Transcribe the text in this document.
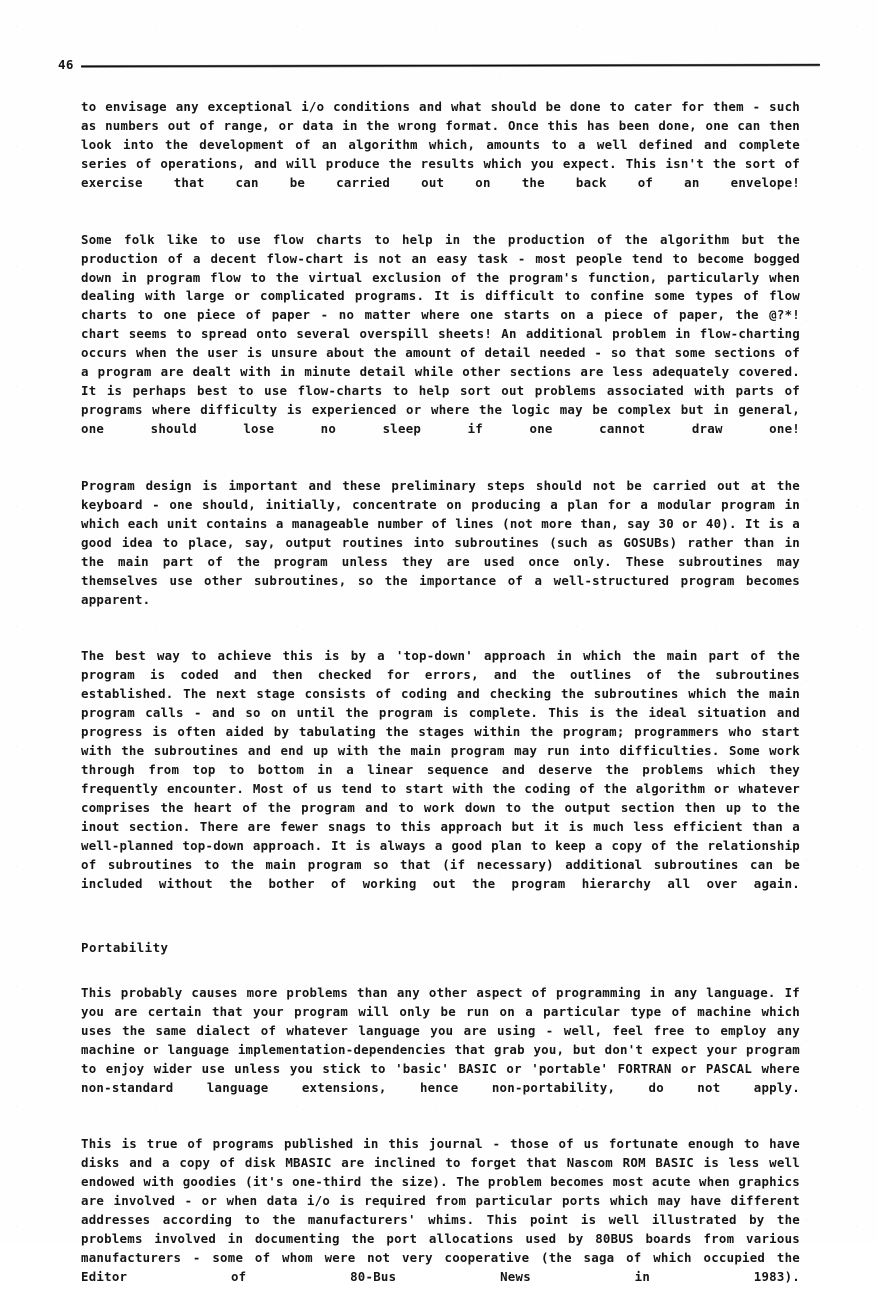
46

to envisage any exceptional i/o conditions and what should be done to cater for them - such as numbers out of range, or data in the wrong format. Once this has been done, one can then look into the development of an algorithm which, amounts to a well defined and complete series of operations, and will produce the results which you expect. This isn't the sort of exercise that can be carried out on the back of an envelope!

Some folk like to use flow charts to help in the production of the algorithm but the production of a decent flow-chart is not an easy task - most people tend to become bogged down in program flow to the virtual exclusion of the program's function, particularly when dealing with large or complicated programs. It is difficult to confine some types of flow charts to one piece of paper - no matter where one starts on a piece of paper, the @?*! chart seems to spread onto several overspill sheets! An additional problem in flow-charting occurs when the user is unsure about the amount of detail needed - so that some sections of a program are dealt with in minute detail while other sections are less adequately covered. It is perhaps best to use flow-charts to help sort out problems associated with parts of programs where difficulty is experienced or where the logic may be complex but in general, one should lose no sleep if one cannot draw one!

Program design is important and these preliminary steps should not be carried out at the keyboard - one should, initially, concentrate on producing a plan for a modular program in which each unit contains a manageable number of lines (not more than, say 30 or 40). It is a good idea to place, say, output routines into subroutines (such as GOSUBs) rather than in the main part of the program unless they are used once only. These subroutines may themselves use other subroutines, so the importance of a well-structured program becomes apparent.

The best way to achieve this is by a 'top-down' approach in which the main part of the program is coded and then checked for errors, and the outlines of the subroutines established. The next stage consists of coding and checking the subroutines which the main program calls - and so on until the program is complete. This is the ideal situation and progress is often aided by tabulating the stages within the program; programmers who start with the subroutines and end up with the main program may run into difficulties. Some work through from top to bottom in a linear sequence and deserve the problems which they frequently encounter. Most of us tend to start with the coding of the algorithm or whatever comprises the heart of the program and to work down to the output section then up to the inout section. There are fewer snags to this approach but it is much less efficient than a well-planned top-down approach. It is always a good plan to keep a copy of the relationship of subroutines to the main program so that (if necessary) additional subroutines can be included without the bother of working out the program hierarchy all over again.

Portability

This probably causes more problems than any other aspect of programming in any language. If you are certain that your program will only be run on a particular type of machine which uses the same dialect of whatever language you are using - well, feel free to employ any machine or language implementation-dependencies that grab you, but don't expect your program to enjoy wider use unless you stick to 'basic' BASIC or 'portable' FORTRAN or PASCAL where non-standard language extensions, hence non-portability, do not apply.

This is true of programs published in this journal - those of us fortunate enough to have disks and a copy of disk MBASIC are inclined to forget that Nascom ROM BASIC is less well endowed with goodies (it's one-third the size). The problem becomes most acute when graphics are involved - or when data i/o is required from particular ports which may have different addresses according to the manufacturers' whims. This point is well illustrated by the problems involved in documenting the port allocations used by 80BUS boards from various manufacturers - some of whom were not very cooperative (the saga of which occupied the Editor of 80-Bus News in 1983).
